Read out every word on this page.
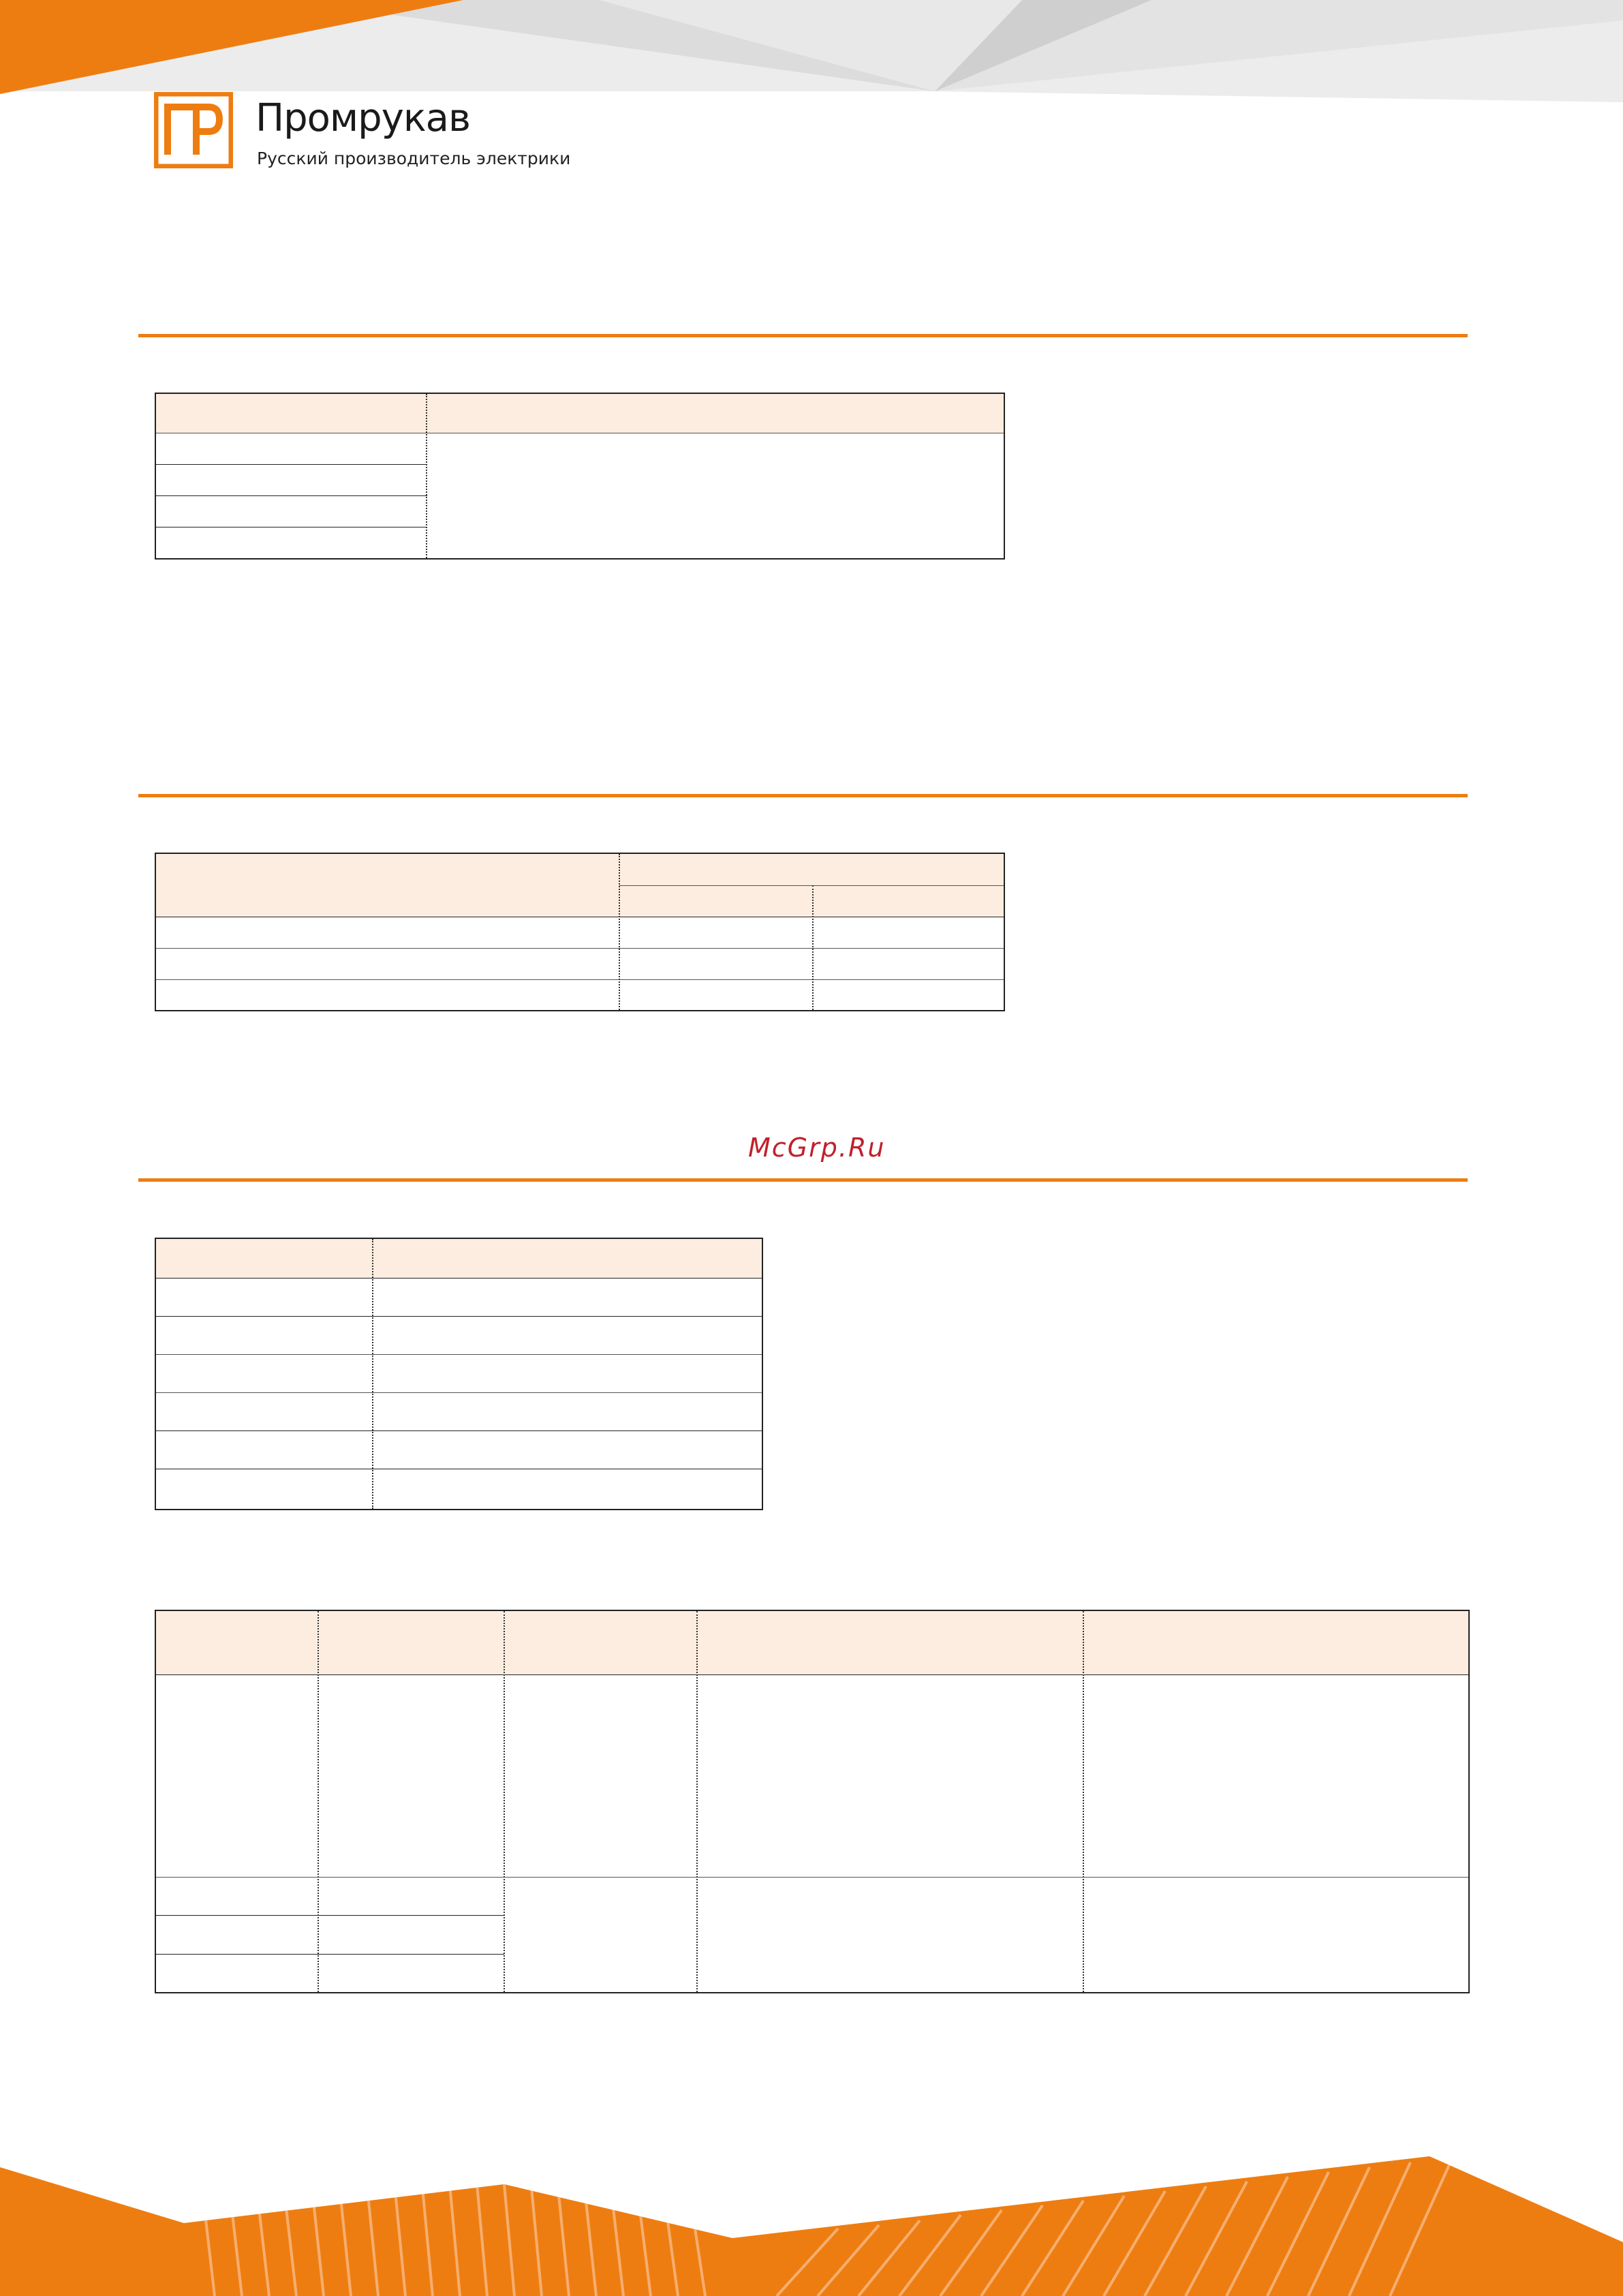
Промрукав
Русский производитель электрики
McGrp.Ru
